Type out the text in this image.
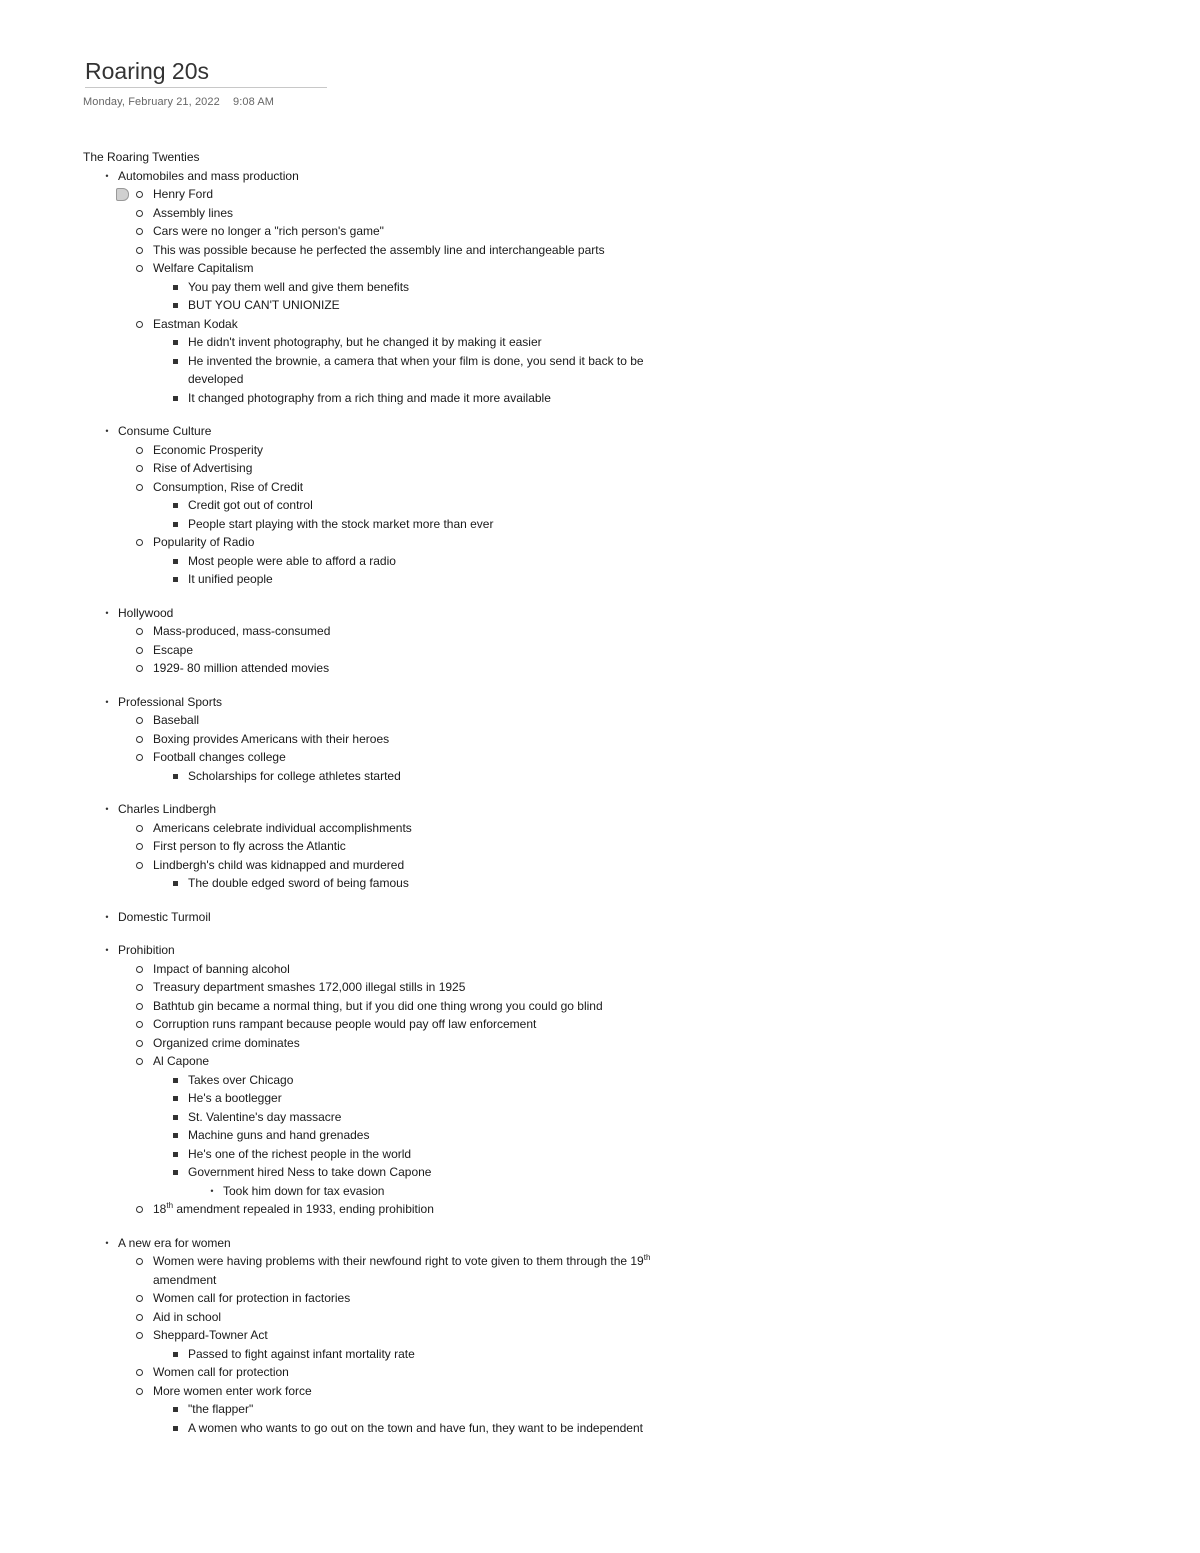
Roaring 20s
Monday, February 21, 2022 9:08 AM
The Roaring Twenties
• Automobiles and mass production
Henry Ford
Assembly lines
Cars were no longer a "rich person's game"
This was possible because he perfected the assembly line and interchangeable parts
Welfare Capitalism
You pay them well and give them benefits
BUT YOU CAN'T UNIONIZE
Eastman Kodak
He didn't invent photography, but he changed it by making it easier
He invented the brownie, a camera that when your film is done, you send it back to be developed
It changed photography from a rich thing and made it more available
• Consume Culture
Economic Prosperity
Rise of Advertising
Consumption, Rise of Credit
Credit got out of control
People start playing with the stock market more than ever
Popularity of Radio
Most people were able to afford a radio
It unified people
• Hollywood
Mass-produced, mass-consumed
Escape
1929- 80 million attended movies
• Professional Sports
Baseball
Boxing provides Americans with their heroes
Football changes college
Scholarships for college athletes started
• Charles Lindbergh
Americans celebrate individual accomplishments
First person to fly across the Atlantic
Lindbergh's child was kidnapped and murdered
The double edged sword of being famous
• Domestic Turmoil
• Prohibition
Impact of banning alcohol
Treasury department smashes 172,000 illegal stills in 1925
Bathtub gin became a normal thing, but if you did one thing wrong you could go blind
Corruption runs rampant because people would pay off law enforcement
Organized crime dominates
Al Capone
Takes over Chicago
He's a bootlegger
St. Valentine's day massacre
Machine guns and hand grenades
He's one of the richest people in the world
Government hired Ness to take down Capone
• Took him down for tax evasion
18th amendment repealed in 1933, ending prohibition
• A new era for women
Women were having problems with their newfound right to vote given to them through the 19th amendment
Women call for protection in factories
Aid in school
Sheppard-Towner Act
Passed to fight against infant mortality rate
Women call for protection
More women enter work force
"the flapper"
A women who wants to go out on the town and have fun, they want to be independent
